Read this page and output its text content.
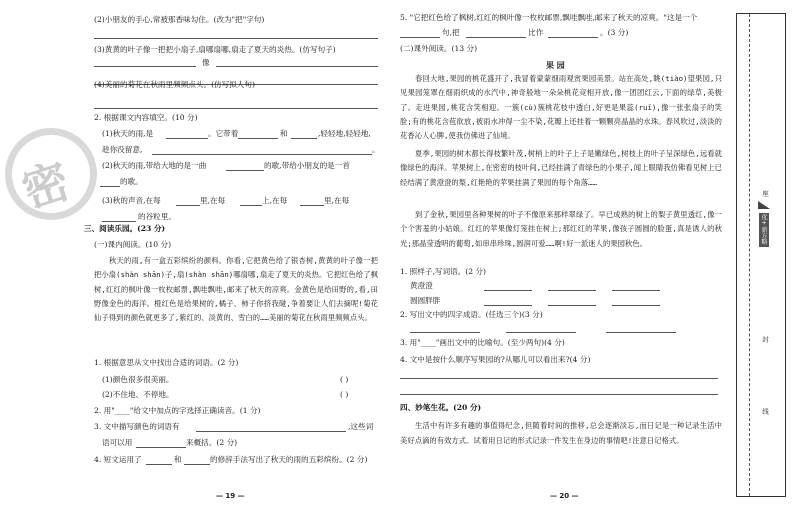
(2)小朋友的手心,常被那香味勾住。(改为"把"字句)
(3)黄黄的叶子像一把把小扇子,扇哪扇哪,扇走了夏天的炎热。(仿写句子)
像
(4)美丽的菊花在秋雨里频频点头。(仿写拟人句)
2. 根据课文内容填空。(10 分)
(1)秋天的雨,是	。它带着	和	,轻轻地,轻轻地,
趁你没留意,	。
(2)秋天的雨,带给大地的是一曲	的歌,带给小朋友的是一首
的歌。
(3)秋的声音,在每	里,在每	上,在每	里,在每
的谷粒里。
三、阅读乐园。(23 分)
(一)课内阅读。(10 分)
秋天的雨,有一盒五彩缤纷的颜料。你看,它把黄色给了银杏树,黄黄的叶子像一把把小扇(shàn shān)子,扇(shàn shān)哪扇哪,扇走了夏天的炎热。它把红色给了枫树,红红的枫叶像一枚枚邮票,飘哇飘哇,邮来了秋天的凉爽。金黄色是给田野的,看,田野像金色的海洋。橙红色是给果树的,橘子、柿子你挤我碰,争着要让人们去摘呢!菊花仙子得到的颜色就更多了,紫红的、淡黄的、雪白的……美丽的菊花在秋雨里频频点头。
1. 根据意思从文中找出合适的词语。(2 分)
(1)颜色很多很美丽。	( )
(2)不住地、不停地。	( )
2. 用"____"给文中加点的字选择正确读音。(1 分)
3. 文中描写颜色的词语有	,这些词
语可以用	来概括。(2 分)
4. 短文运用了	和	的修辞手法写出了秋天的雨的五彩缤纷。(2 分)
— 19 —
密
5. "它把红色给了枫树,红红的枫叶像一枚枚邮票,飘哇飘哇,邮来了秋天的凉爽。"这是一个
句,把	比作	。(3 分)
(二)课外阅读。(13 分)
果 园
春回大地,果园的桃花盛开了,我冒着蒙蒙细雨观赏果园美景。站在高处,眺(tiào)望果园,只见果园笼罩在细雨织成的水汽中,神奇般地一朵朵桃花竞相开放,像一团团红云,下面的绿草,美极了。走进果园,桃花含笑相迎。一簇(cù)簇桃花枝中透白,好更是果蕊(ruǐ),像一张张扇子的笑脸;有的桃花含苞欲放,被雨水冲得一尘不染,花瓣上还挂着一颗颗亮晶晶的水珠。春风吹过,淡淡的花香沁人心脾,使我仿佛进了仙境。
夏季,果园的树木都长得枝繁叶茂,树梢上的叶子上子是嫩绿色,树枝上的叶子呈深绿色,远看就像绿色的海洋。苹果树上,在密密的枝叶间,已经挂满了青绿色的小果子,闻上眼睛我仿佛看见树上已经结满了黄澄澄的梨,红艳艳的苹果挂满了果园的每个角落……
到了金秋,果园里各种果树的叶子不像原来那样翠绿了。早已成熟的树上的梨子黄里透红,像一个个害羞的小姑娘。红红的苹果像灯笼挂在树上;那红红的苹果,像孩子圆圆的脸蛋,真是诱人的秋光;那晶莹透明的葡萄,如串串珍珠,圆润可爱……啊!好一派迷人的果园秋色。
1. 照样子,写词语。(2 分)
黄澄澄
圆圆胖胖
2. 写出文中的四字成语。(任选三个)(3 分)
3. 用"____"画出文中的比喻句。(至少两句)(4 分)
4. 文中是按什么顺序写果园的?从哪儿可以看出来?(4 分)
四、妙笔生花。(20 分)
生活中有许多有趣的事值得纪念,但随着时间的推移,总会逐渐淡忘,而日记是一种记录生活中美好点滴的有效方式。试着用日记的形式记录一件发生在身边的事情吧!注意日记格式。
— 20 —
座
封
线
优+ 新方略
